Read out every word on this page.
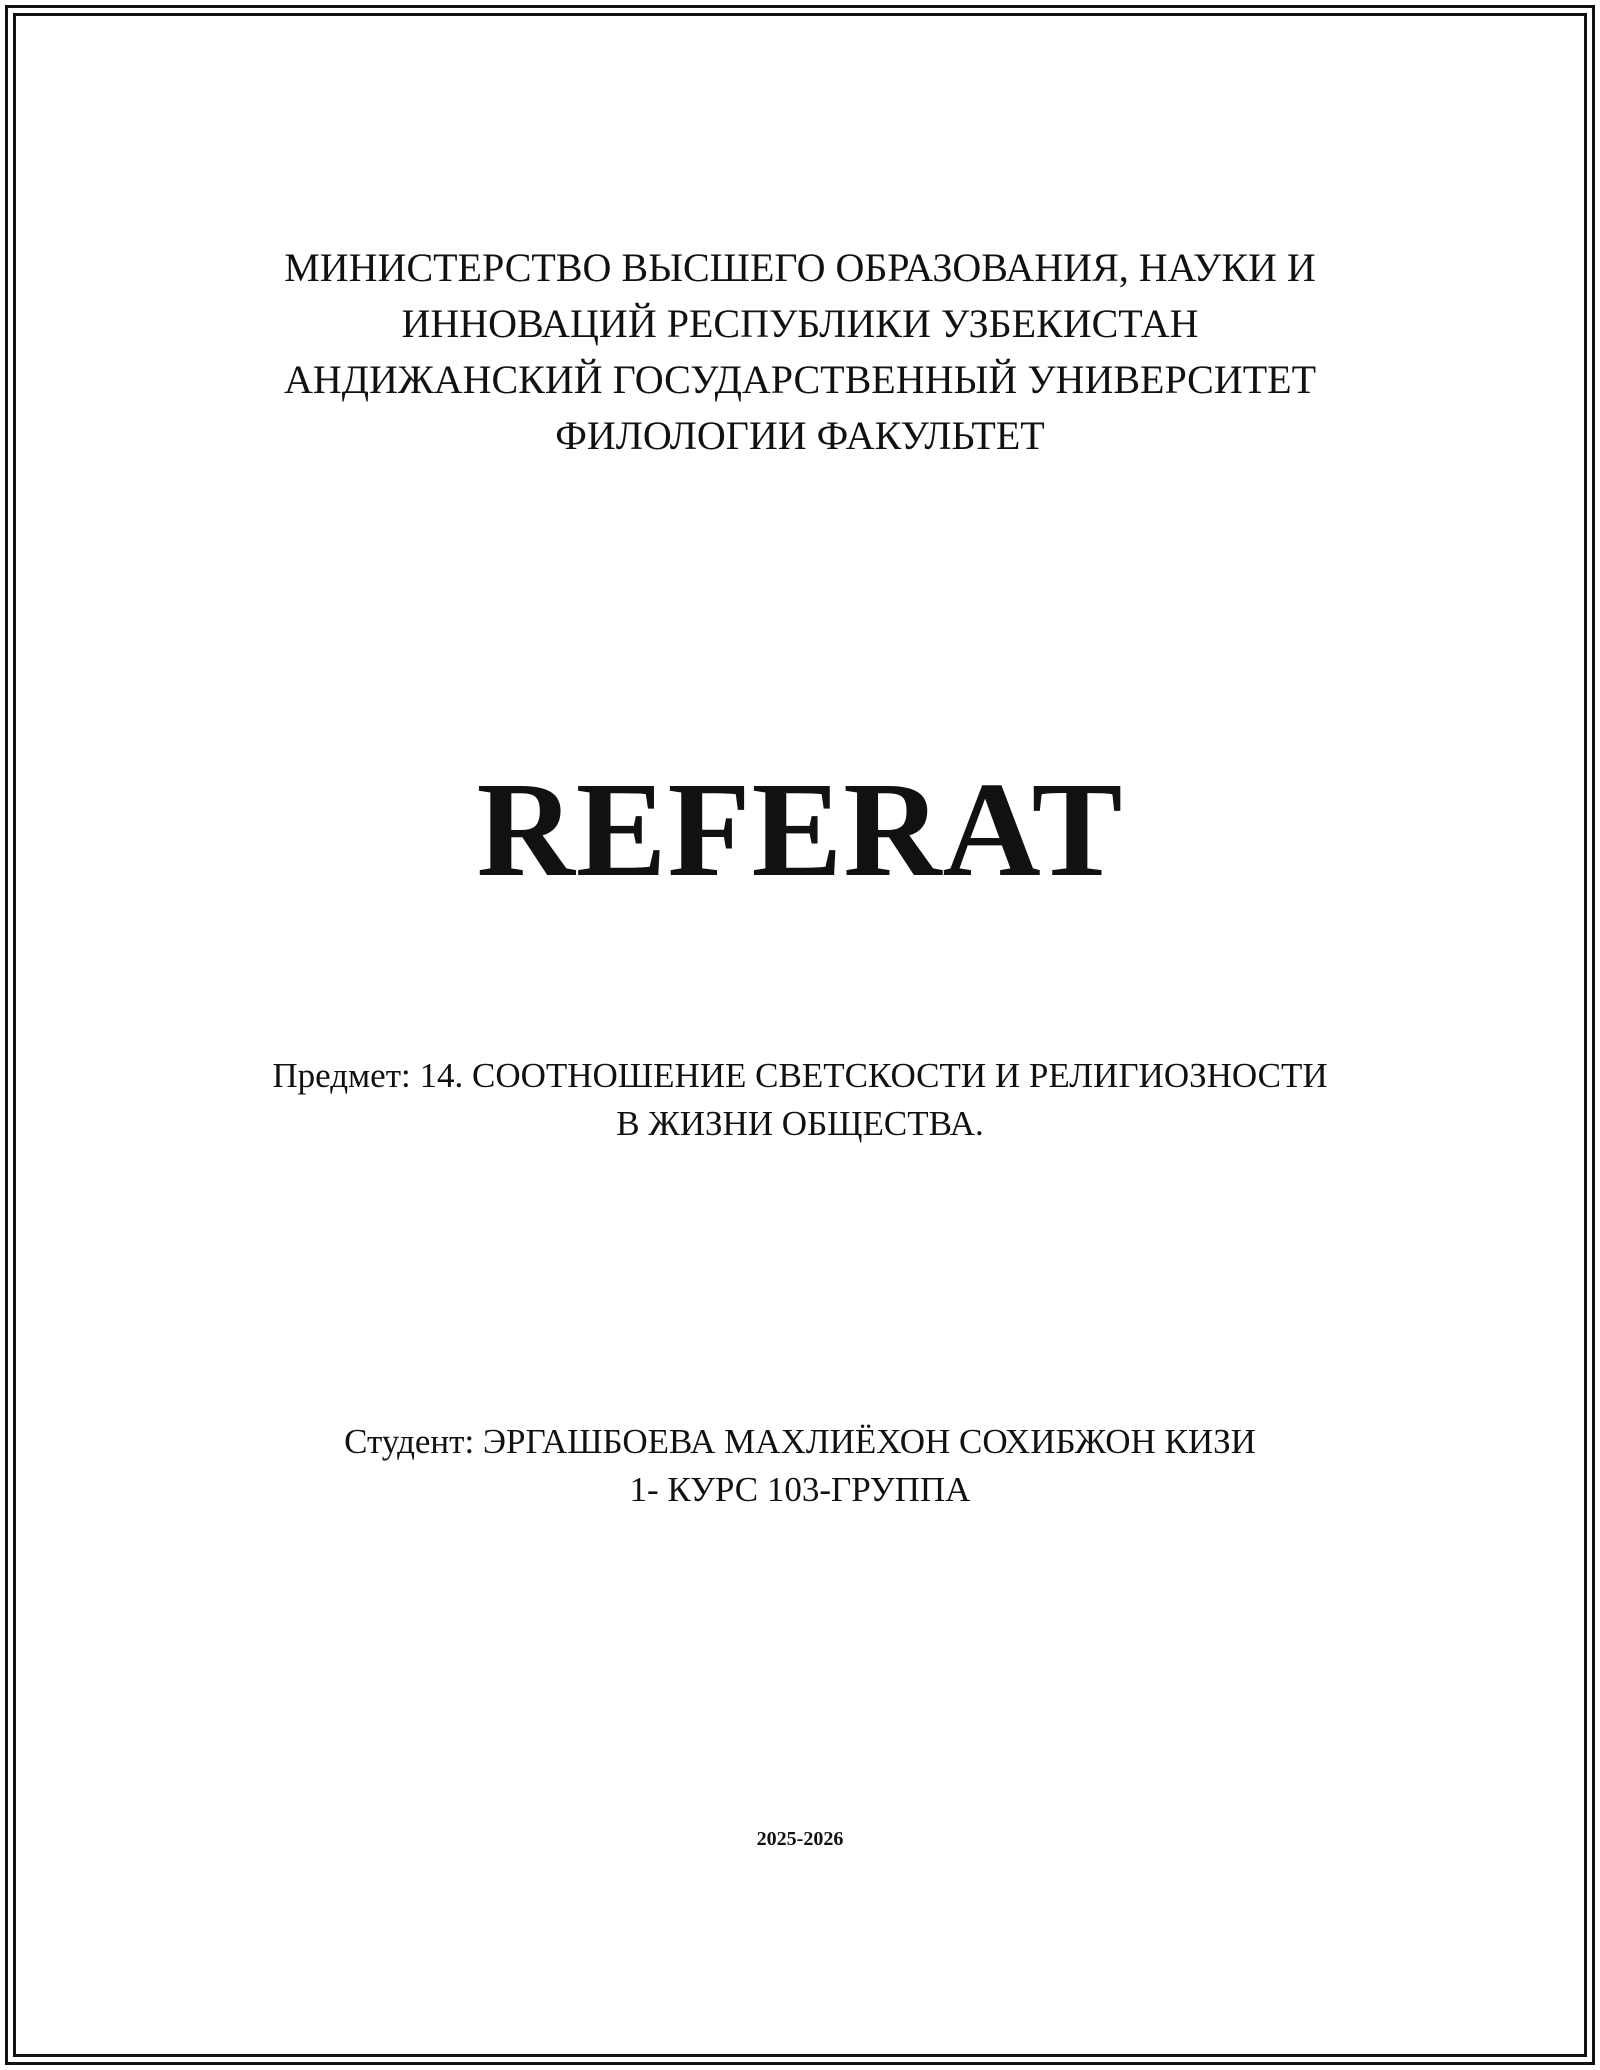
МИНИСТЕРСТВО ВЫСШЕГО ОБРАЗОВАНИЯ, НАУКИ И
ИННОВАЦИЙ РЕСПУБЛИКИ УЗБЕКИСТАН
АНДИЖАНСКИЙ ГОСУДАРСТВЕННЫЙ УНИВЕРСИТЕТ
ФИЛОЛОГИИ ФАКУЛЬТЕТ
REFERAT
Предмет: 14. СООТНОШЕНИЕ СВЕТСКОСТИ И РЕЛИГИОЗНОСТИ
В ЖИЗНИ ОБЩЕСТВА.
Студент: ЭРГАШБОЕВА МАХЛИЁХОН СОХИБЖОН КИЗИ
1- КУРС 103-ГРУППА
2025-2026
